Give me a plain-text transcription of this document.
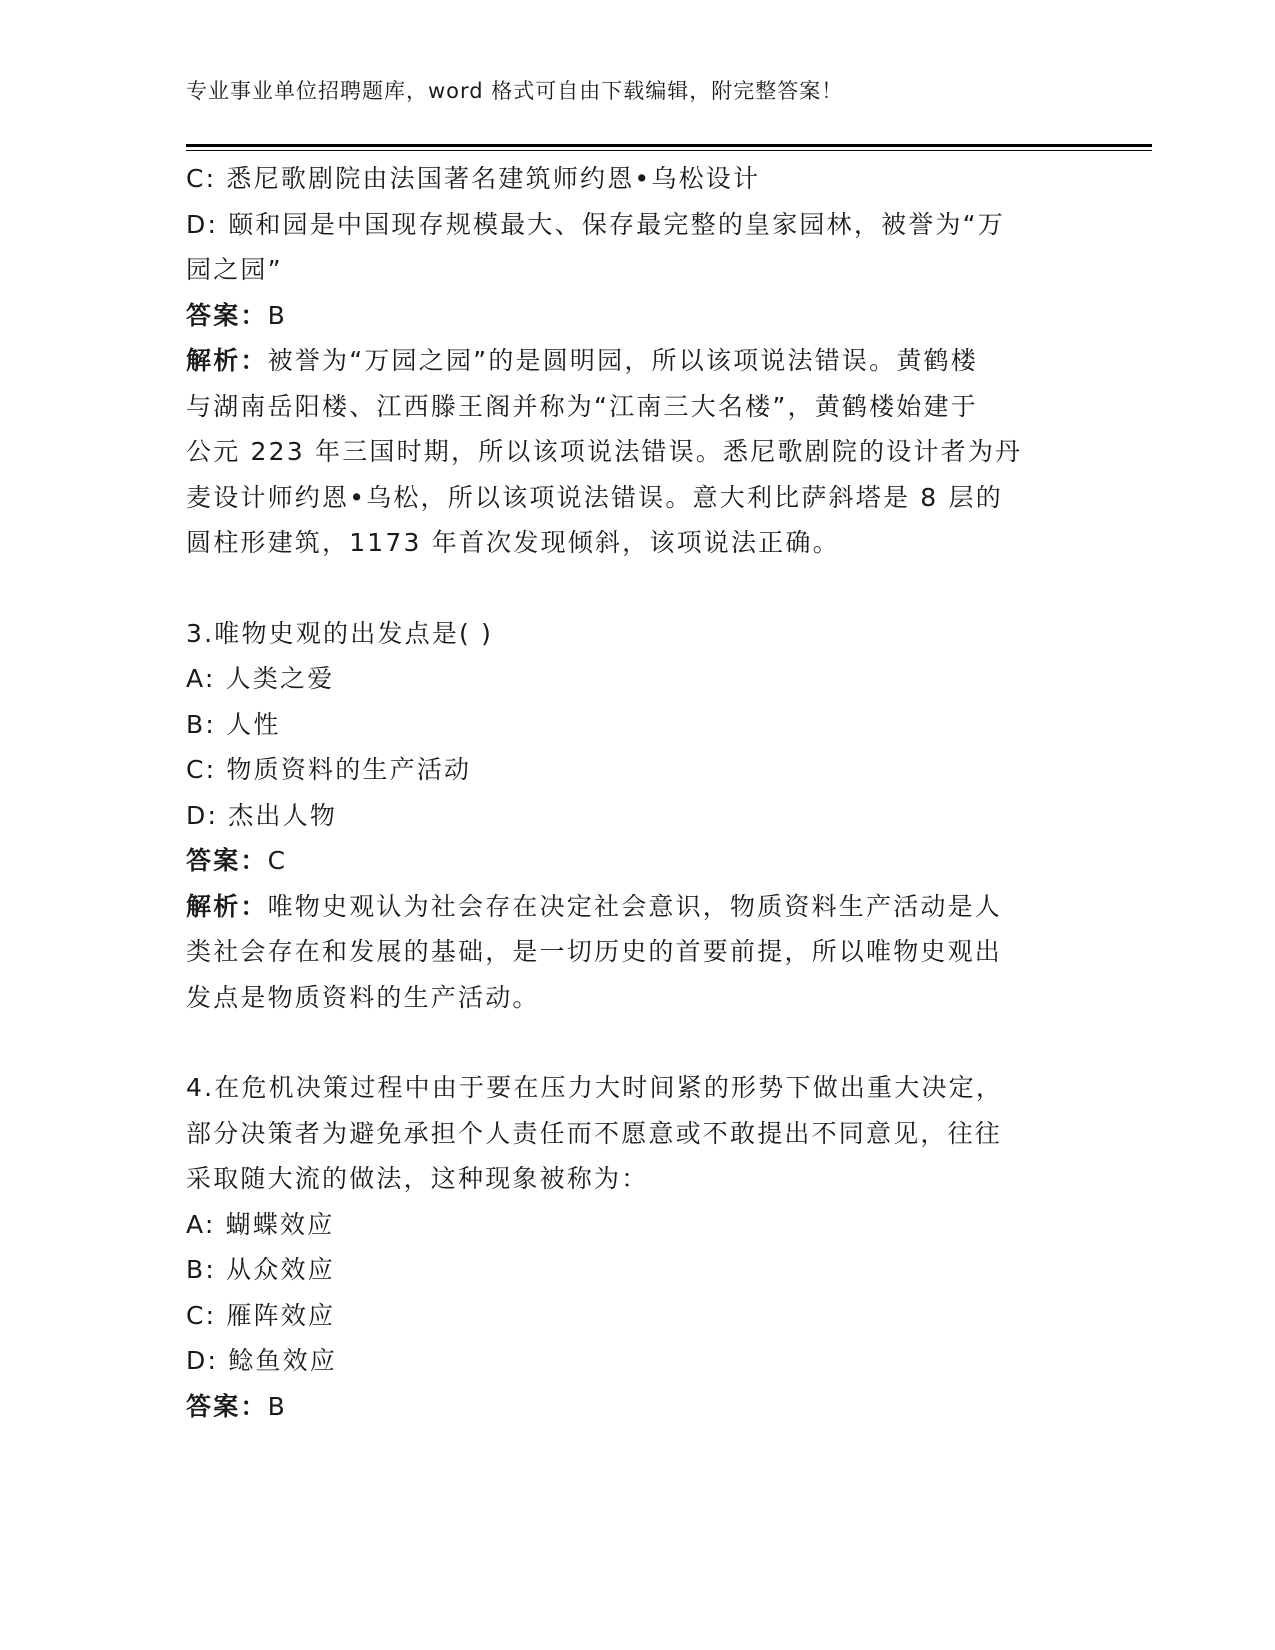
专业事业单位招聘题库，word 格式可自由下载编辑，附完整答案！

C: 悉尼歌剧院由法国著名建筑师约恩•乌松设计

D: 颐和园是中国现存规模最大、保存最完整的皇家园林，被誉为“万

园之园”

答案：B

解析：被誉为“万园之园”的是圆明园，所以该项说法错误。黄鹤楼

与湖南岳阳楼、江西滕王阁并称为“江南三大名楼”，黄鹤楼始建于

公元 223 年三国时期，所以该项说法错误。悉尼歌剧院的设计者为丹

麦设计师约恩•乌松，所以该项说法错误。意大利比萨斜塔是 8 层的

圆柱形建筑，1173 年首次发现倾斜，该项说法正确。

3.唯物史观的出发点是( )

A: 人类之爱

B: 人性

C: 物质资料的生产活动

D: 杰出人物

答案：C

解析：唯物史观认为社会存在决定社会意识，物质资料生产活动是人

类社会存在和发展的基础，是一切历史的首要前提，所以唯物史观出

发点是物质资料的生产活动。

4.在危机决策过程中由于要在压力大时间紧的形势下做出重大决定，

部分决策者为避免承担个人责任而不愿意或不敢提出不同意见，往往

采取随大流的做法，这种现象被称为：

A: 蝴蝶效应

B: 从众效应

C: 雁阵效应

D: 鲶鱼效应

答案：B
